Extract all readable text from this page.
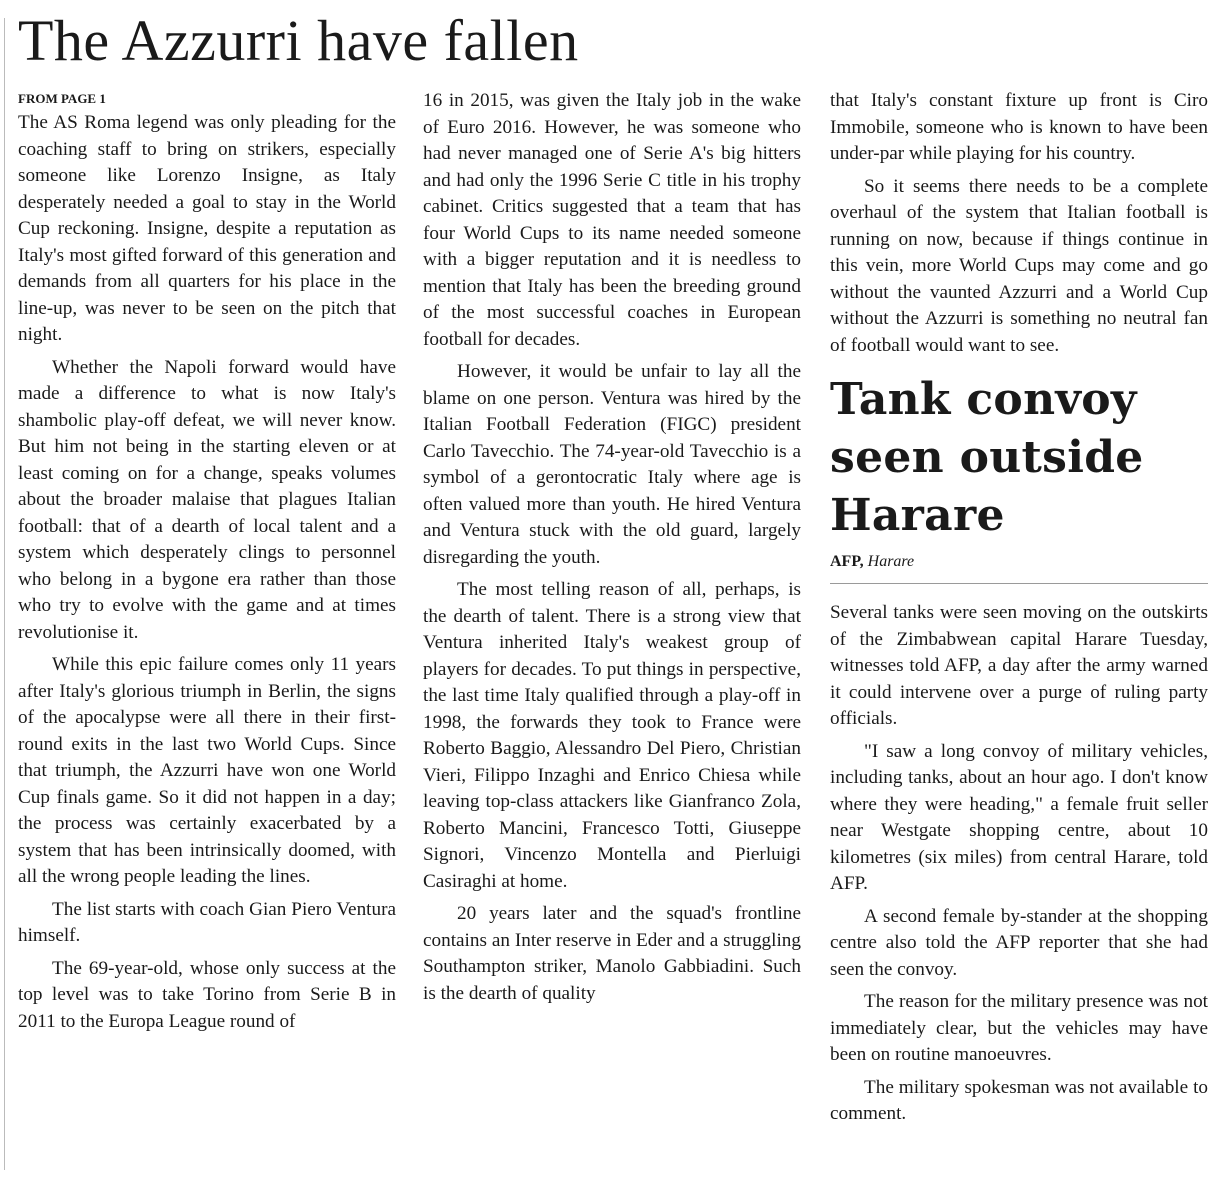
The Azzurri have fallen
FROM PAGE 1

The AS Roma legend was only pleading for the coaching staff to bring on strikers, especially someone like Lorenzo Insigne, as Italy desperately needed a goal to stay in the World Cup reckoning. Insigne, despite a reputation as Italy's most gifted forward of this generation and demands from all quarters for his place in the line-up, was never to be seen on the pitch that night.

Whether the Napoli forward would have made a difference to what is now Italy's shambolic play-off defeat, we will never know. But him not being in the starting eleven or at least coming on for a change, speaks volumes about the broader malaise that plagues Italian football: that of a dearth of local talent and a system which desperately clings to personnel who belong in a bygone era rather than those who try to evolve with the game and at times revolutionise it.

While this epic failure comes only 11 years after Italy's glorious triumph in Berlin, the signs of the apocalypse were all there in their first-round exits in the last two World Cups. Since that triumph, the Azzurri have won one World Cup finals game. So it did not happen in a day; the process was certainly exacerbated by a system that has been intrinsically doomed, with all the wrong people leading the lines.

The list starts with coach Gian Piero Ventura himself.

The 69-year-old, whose only success at the top level was to take Torino from Serie B in 2011 to the Europa League round of

16 in 2015, was given the Italy job in the wake of Euro 2016. However, he was someone who had never managed one of Serie A's big hitters and had only the 1996 Serie C title in his trophy cabinet. Critics suggested that a team that has four World Cups to its name needed someone with a bigger reputation and it is needless to mention that Italy has been the breeding ground of the most successful coaches in European football for decades.

However, it would be unfair to lay all the blame on one person. Ventura was hired by the Italian Football Federation (FIGC) president Carlo Tavecchio. The 74-year-old Tavecchio is a symbol of a gerontocratic Italy where age is often valued more than youth. He hired Ventura and Ventura stuck with the old guard, largely disregarding the youth.

The most telling reason of all, perhaps, is the dearth of talent. There is a strong view that Ventura inherited Italy's weakest group of players for decades. To put things in perspective, the last time Italy qualified through a play-off in 1998, the forwards they took to France were Roberto Baggio, Alessandro Del Piero, Christian Vieri, Filippo Inzaghi and Enrico Chiesa while leaving top-class attackers like Gianfranco Zola, Roberto Mancini, Francesco Totti, Giuseppe Signori, Vincenzo Montella and Pierluigi Casiraghi at home.

20 years later and the squad's frontline contains an Inter reserve in Eder and a struggling Southampton striker, Manolo Gabbiadini. Such is the dearth of quality

that Italy's constant fixture up front is Ciro Immobile, someone who is known to have been under-par while playing for his country.

So it seems there needs to be a complete overhaul of the system that Italian football is running on now, because if things continue in this vein, more World Cups may come and go without the vaunted Azzurri and a World Cup without the Azzurri is something no neutral fan of football would want to see.

Tank convoy seen outside Harare
AFP, Harare

Several tanks were seen moving on the outskirts of the Zimbabwean capital Harare Tuesday, witnesses told AFP, a day after the army warned it could intervene over a purge of ruling party officials.

"I saw a long convoy of military vehicles, including tanks, about an hour ago. I don't know where they were heading," a female fruit seller near Westgate shopping centre, about 10 kilometres (six miles) from central Harare, told AFP.

A second female by-stander at the shopping centre also told the AFP reporter that she had seen the convoy.

The reason for the military presence was not immediately clear, but the vehicles may have been on routine manoeuvres.

The military spokesman was not available to comment.
